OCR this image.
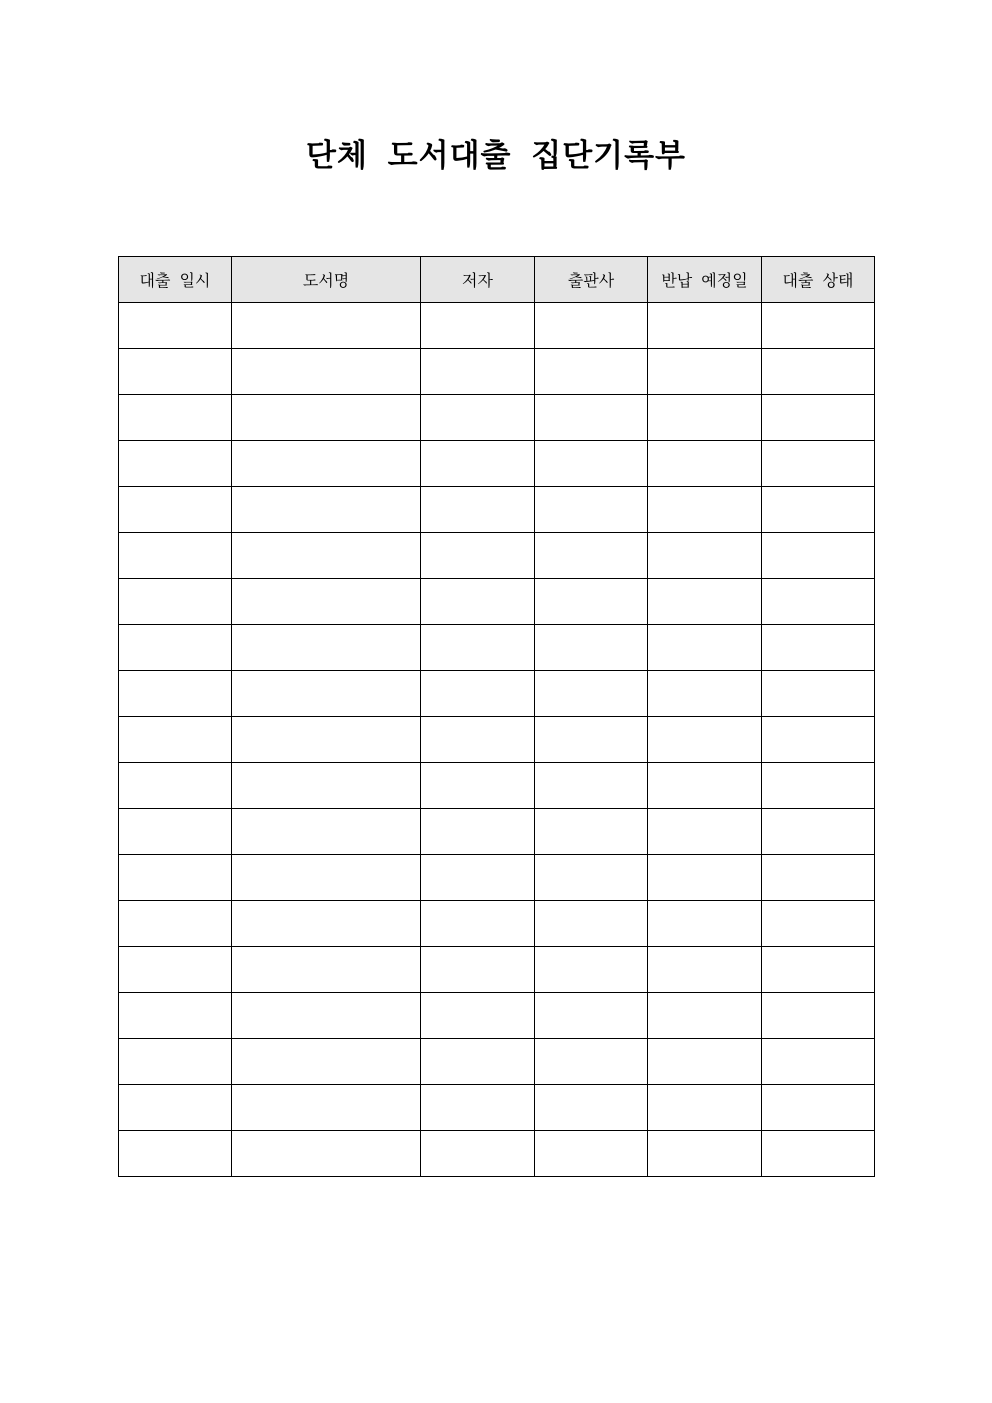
단체 도서대출 집단기록부
대출 일시	도서명	저자	출판사	반납 예정일	대출 상태
